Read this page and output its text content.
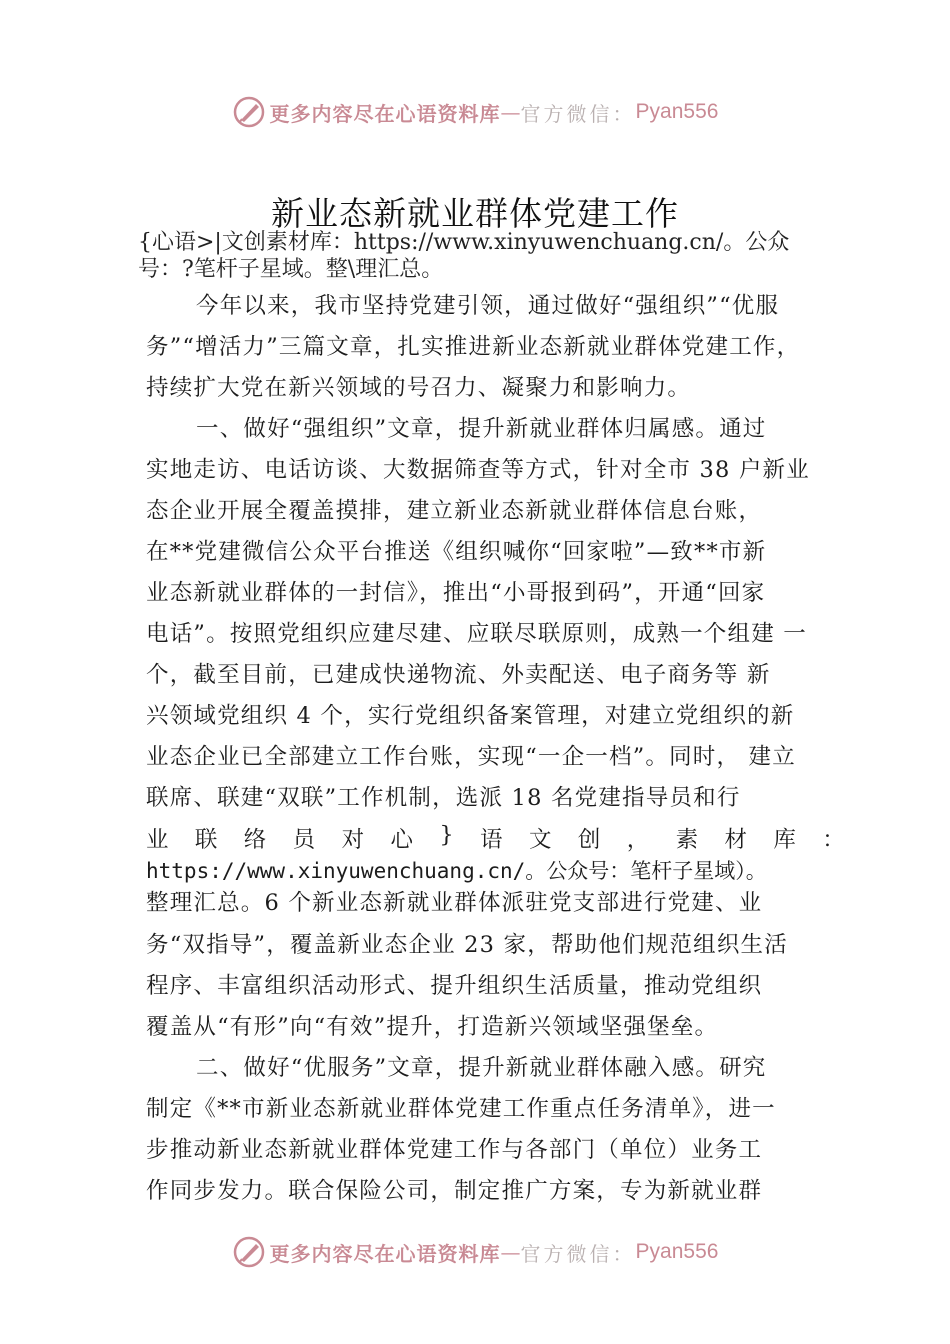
更多内容尽在心语资料库 — 官方微信： Pyan556
新业态新就业群体党建工作
{心语>|文创素材库：https://www.xinyuwenchuang.cn/。公众
号：?笔杆子星域。整\理汇总。
今年以来，我市坚持党建引领，通过做好“强组织”“优服
务”“增活力”三篇文章，扎实推进新业态新就业群体党建工作，
持续扩大党在新兴领域的号召力、凝聚力和影响力。
一、做好“强组织”文章，提升新就业群体归属感。通过
实地走访、电话访谈、大数据筛查等方式，针对全市 38 户新业
态企业开展全覆盖摸排，建立新业态新就业群体信息台账，
在**党建微信公众平台推送《组织喊你“回家啦”—致**市新
业态新就业群体的一封信》，推出“小哥报到码”，开通“回家
电话”。按照党组织应建尽建、应联尽联原则，成熟一个组建 一
个，截至目前，已建成快递物流、外卖配送、电子商务等 新
兴领域党组织 4 个，实行党组织备案管理，对建立党组织的新
业态企业已全部建立工作台账，实现“一企一档”。同时， 建立
联席、联建“双联”工作机制，选派 18 名党建指导员和行
业 联 络 员 对 心 } 语 文 创 ， 素 材 库 ：
https://www.xinyuwenchuang.cn/。公众号：笔杆子星域）。
整理汇总。6 个新业态新就业群体派驻党支部进行党建、业
务“双指导”，覆盖新业态企业 23 家，帮助他们规范组织生活
程序、丰富组织活动形式、提升组织生活质量，推动党组织
覆盖从“有形”向“有效”提升，打造新兴领域坚强堡垒。
二、做好“优服务”文章，提升新就业群体融入感。研究
制定《**市新业态新就业群体党建工作重点任务清单》，进一
步推动新业态新就业群体党建工作与各部门（单位）业务工
作同步发力。联合保险公司，制定推广方案，专为新就业群
更多内容尽在心语资料库 — 官方微信： Pyan556
